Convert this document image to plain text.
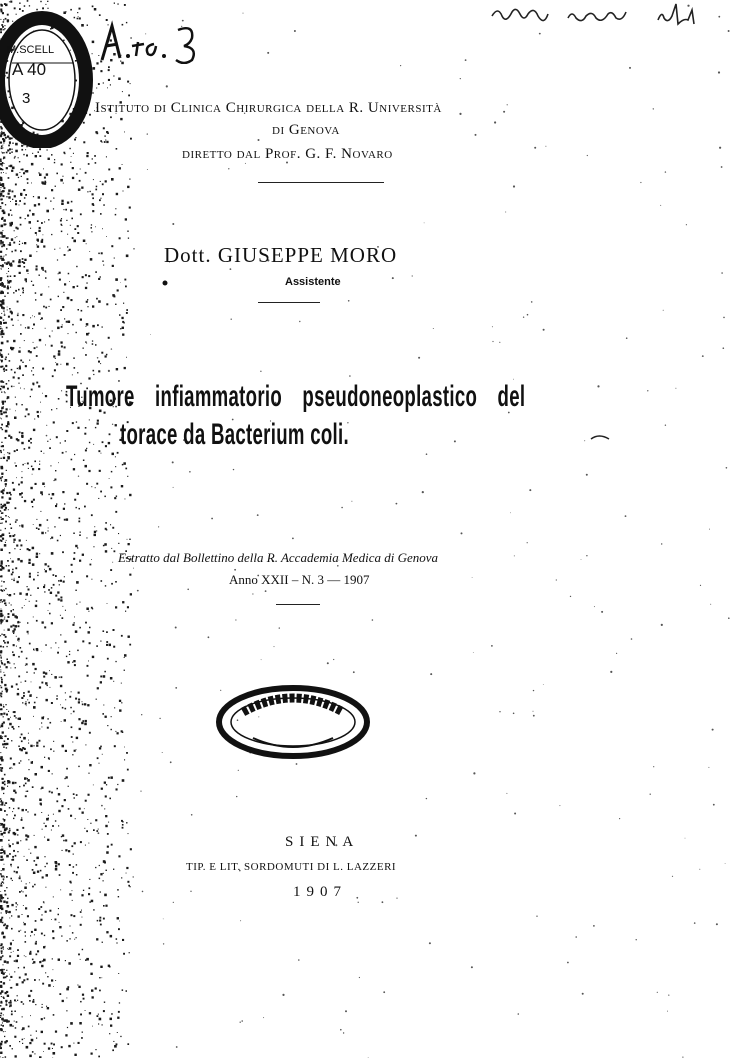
M.SCELL
A 40
3
Istituto di Clinica Chirurgica della R. Università
di Genova
diretto dal Prof. G. F. Novaro
Dott. GIUSEPPE MORO
Assistente
Tumore infiammatorio pseudoneoplastico del
torace da Bacterium coli.
Estratto dal Bollettino della R. Accademia Medica di Genova
Anno XXII – N. 3 — 1907
SIENA
TIP. E LIT. SORDOMUTI DI L. LAZZERI
1907
